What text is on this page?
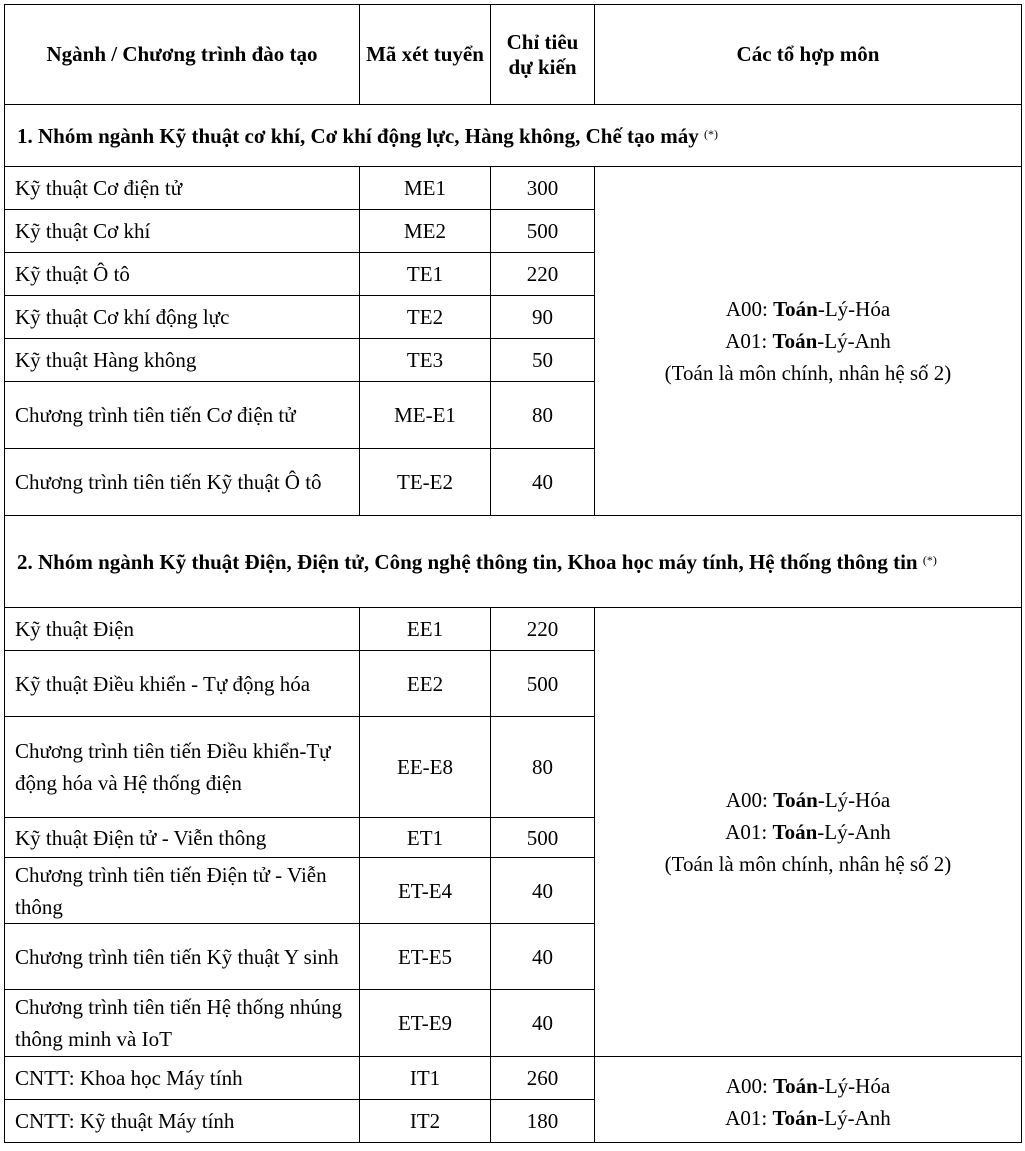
Ngành / Chương trình đào tạo	Mã xét tuyển	Chỉ tiêu dự kiến	Các tổ hợp môn
1. Nhóm ngành Kỹ thuật cơ khí, Cơ khí động lực, Hàng không, Chế tạo máy (*)
Kỹ thuật Cơ điện tử	ME1	300	A00: Toán-Lý-Hóa
A01: Toán-Lý-Anh
(Toán là môn chính, nhân hệ số 2)

Kỹ thuật Cơ khí	ME2	500	
Kỹ thuật Ô tô	TE1	220	
Kỹ thuật Cơ khí động lực	TE2	90	
Kỹ thuật Hàng không	TE3	50	
Chương trình tiên tiến Cơ điện tử	ME-E1	80	
Chương trình tiên tiến Kỹ thuật Ô tô	TE-E2	40	
2. Nhóm ngành Kỹ thuật Điện, Điện tử, Công nghệ thông tin, Khoa học máy tính, Hệ thống thông tin (*)
Kỹ thuật Điện	EE1	220	A00: Toán-Lý-Hóa
A01: Toán-Lý-Anh
(Toán là môn chính, nhân hệ số 2)

Kỹ thuật Điều khiển - Tự động hóa	EE2	500	
Chương trình tiên tiến Điều khiển-Tự động hóa và Hệ thống điện	EE-E8	80	
Kỹ thuật Điện tử - Viễn thông	ET1	500	
Chương trình tiên tiến Điện tử - Viễn thông	ET-E4	40	
Chương trình tiên tiến Kỹ thuật Y sinh	ET-E5	40	
Chương trình tiên tiến Hệ thống nhúng thông minh và IoT	ET-E9	40	
CNTT: Khoa học Máy tính	IT1	260	A00: Toán-Lý-Hóa
A01: Toán-Lý-Anh

CNTT: Kỹ thuật Máy tính	IT2	180	
